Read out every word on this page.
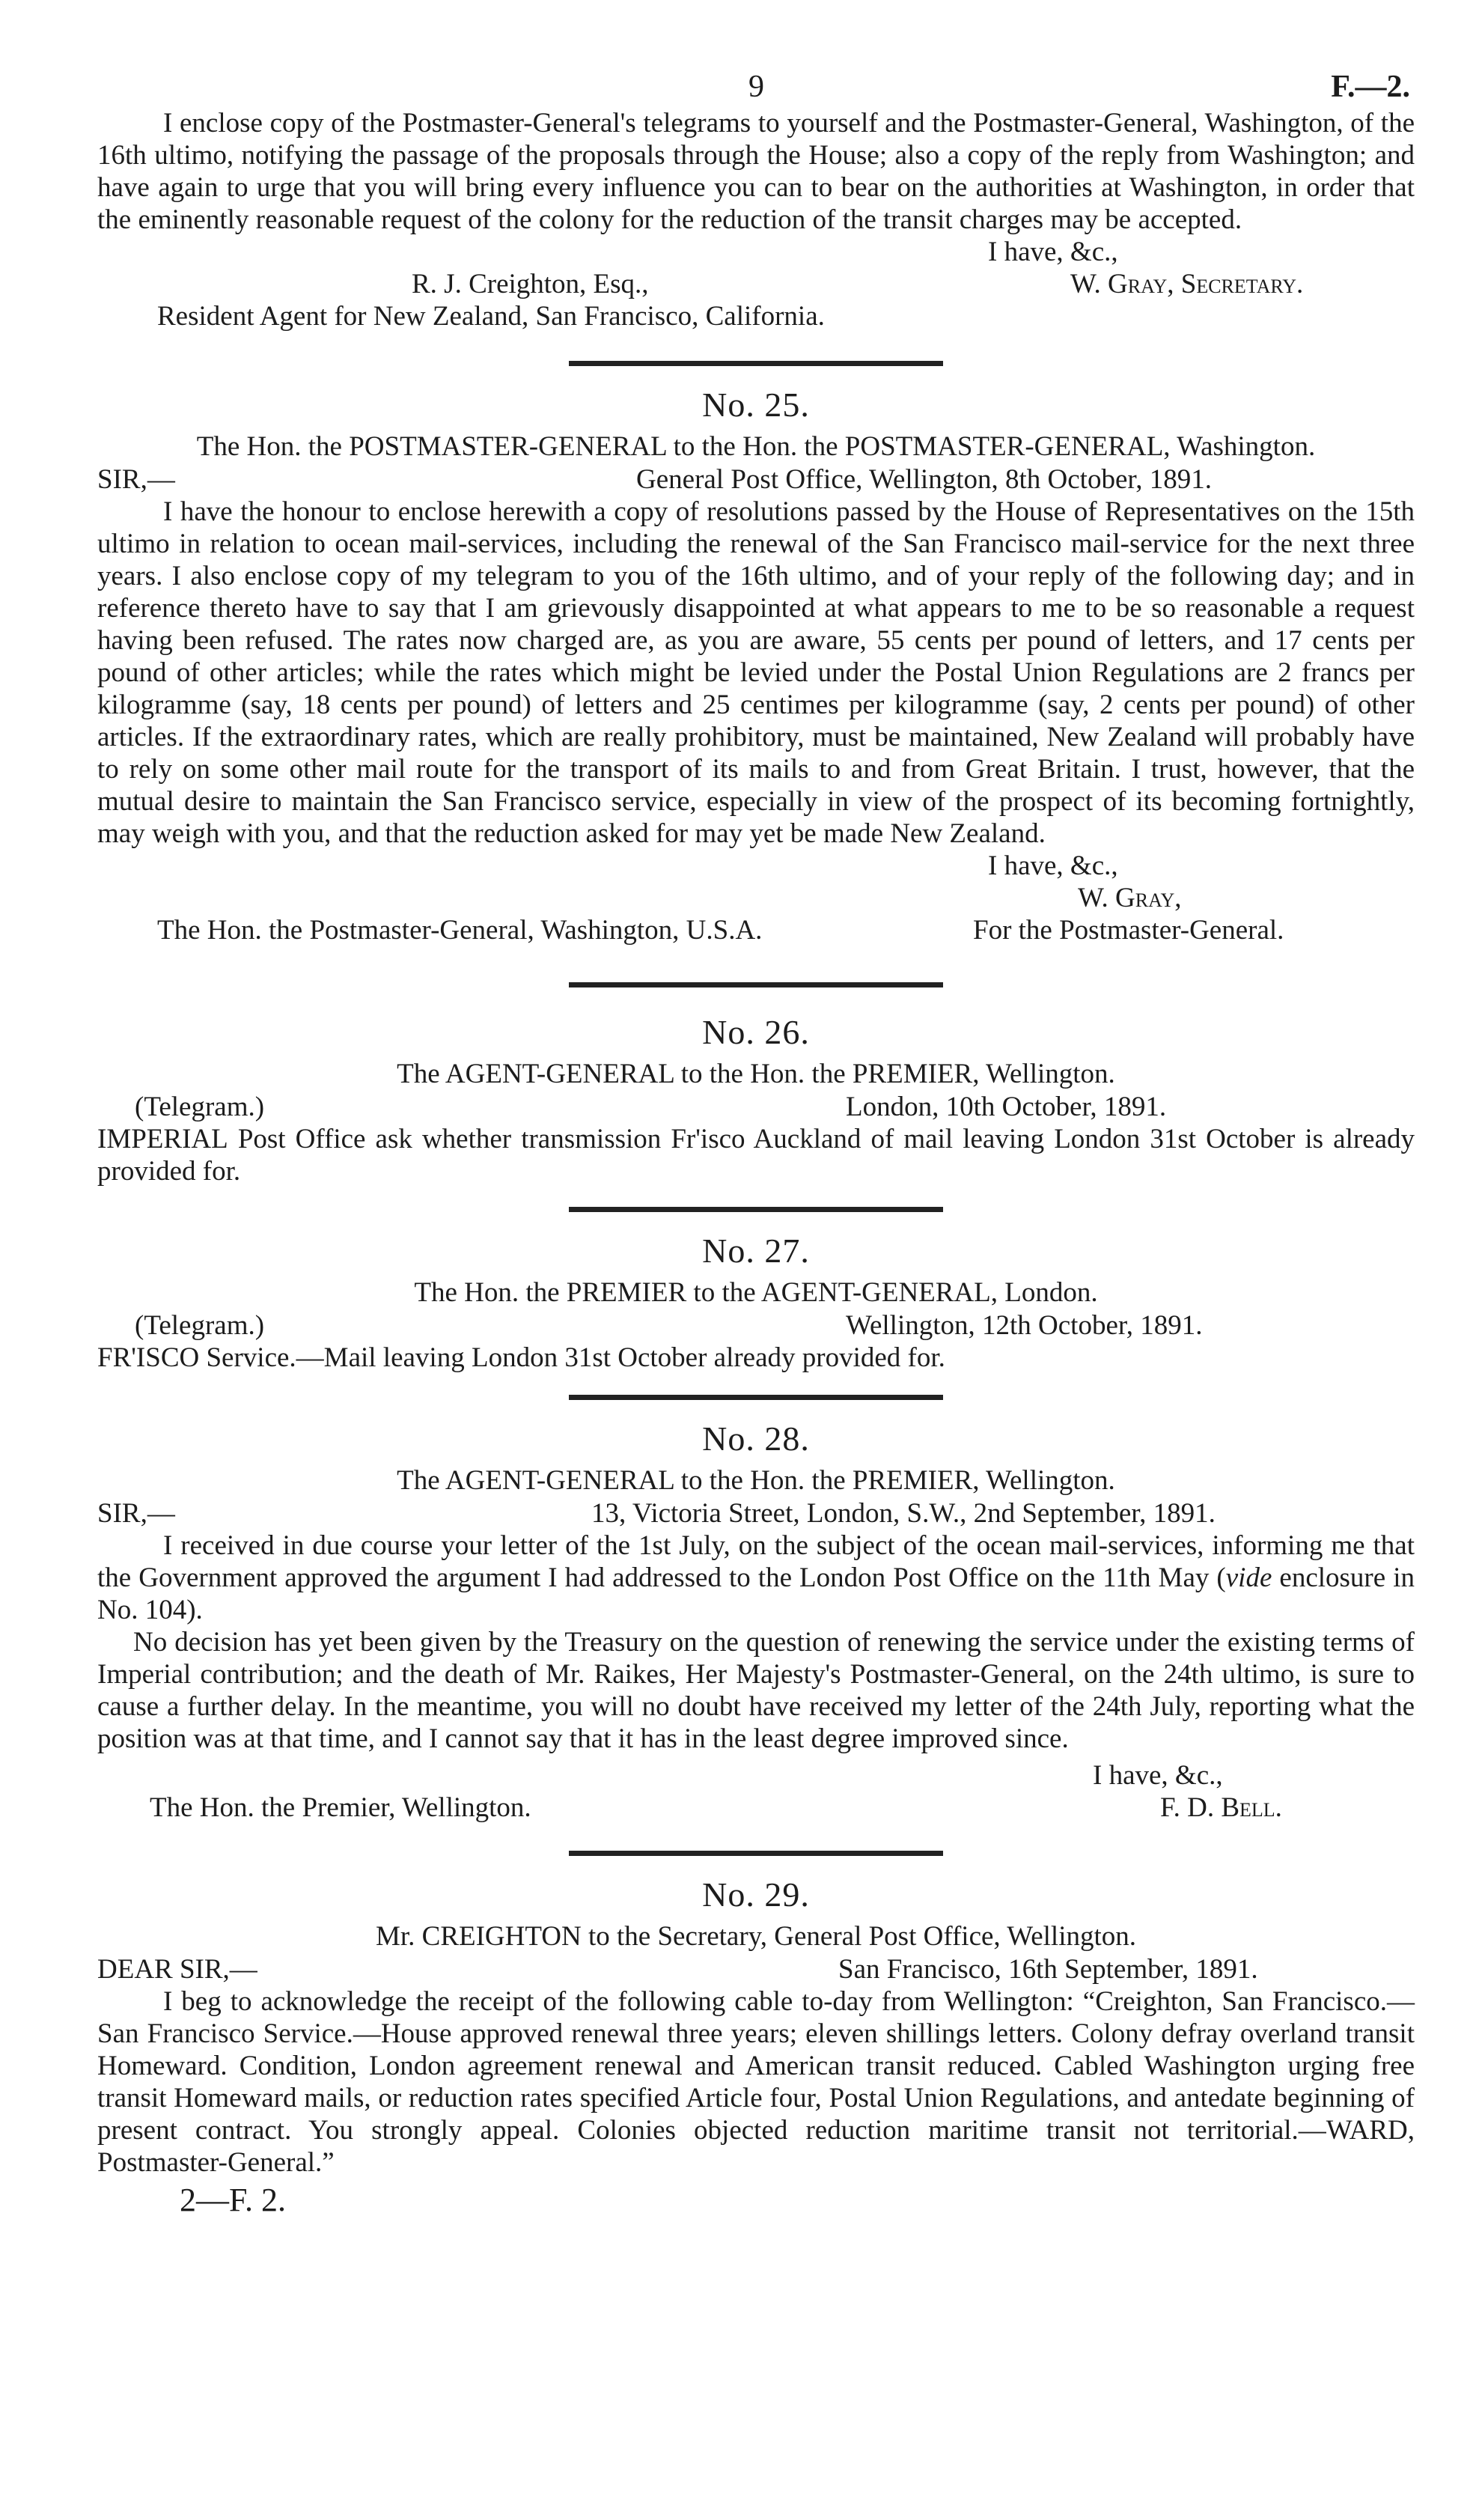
9	F.—2.

I enclose copy of the Postmaster-General's telegrams to yourself and the Postmaster-General, Washington, of the 16th ultimo, notifying the passage of the proposals through the House; also a copy of the reply from Washington; and have again to urge that you will bring every influence you can to bear on the authorities at Washington, in order that the eminently reasonable request of the colony for the reduction of the transit charges may be accepted.

I have, &c.,
R. J. Creighton, Esq.,	W. Gray, Secretary.
Resident Agent for New Zealand, San Francisco, California.
No. 25.
The Hon. the POSTMASTER-GENERAL to the Hon. the POSTMASTER-GENERAL, Washington.
SIR,—	General Post Office, Wellington, 8th October, 1891.

I have the honour to enclose herewith a copy of resolutions passed by the House of Representatives on the 15th ultimo in relation to ocean mail-services, including the renewal of the San Francisco mail-service for the next three years. I also enclose copy of my telegram to you of the 16th ultimo, and of your reply of the following day; and in reference thereto have to say that I am grievously disappointed at what appears to me to be so reasonable a request having been refused. The rates now charged are, as you are aware, 55 cents per pound of letters, and 17 cents per pound of other articles; while the rates which might be levied under the Postal Union Regulations are 2 francs per kilogramme (say, 18 cents per pound) of letters and 25 centimes per kilogramme (say, 2 cents per pound) of other articles. If the extraordinary rates, which are really prohibitory, must be maintained, New Zealand will probably have to rely on some other mail route for the transport of its mails to and from Great Britain. I trust, however, that the mutual desire to maintain the San Francisco service, especially in view of the prospect of its becoming fortnightly, may weigh with you, and that the reduction asked for may yet be made New Zealand.

I have, &c.,
W. Gray,
The Hon. the Postmaster-General, Washington, U.S.A.	For the Postmaster-General.
No. 26.
The AGENT-GENERAL to the Hon. the PREMIER, Wellington.
(Telegram.)	London, 10th October, 1891.

IMPERIAL Post Office ask whether transmission Fr'isco Auckland of mail leaving London 31st October is already provided for.

No. 27.
The Hon. the PREMIER to the AGENT-GENERAL, London.
(Telegram.)	Wellington, 12th October, 1891.

FR'ISCO Service.—Mail leaving London 31st October already provided for.

No. 28.
The AGENT-GENERAL to the Hon. the PREMIER, Wellington.
SIR,—	13, Victoria Street, London, S.W., 2nd September, 1891.

I received in due course your letter of the 1st July, on the subject of the ocean mail-services, informing me that the Government approved the argument I had addressed to the London Post Office on the 11th May (vide enclosure in No. 104).

No decision has yet been given by the Treasury on the question of renewing the service under the existing terms of Imperial contribution; and the death of Mr. Raikes, Her Majesty's Postmaster-General, on the 24th ultimo, is sure to cause a further delay. In the meantime, you will no doubt have received my letter of the 24th July, reporting what the position was at that time, and I cannot say that it has in the least degree improved since.

I have, &c.,
The Hon. the Premier, Wellington.	F. D. Bell.
No. 29.
Mr. CREIGHTON to the Secretary, General Post Office, Wellington.
DEAR SIR,—	San Francisco, 16th September, 1891.

I beg to acknowledge the receipt of the following cable to-day from Wellington: “Creighton, San Francisco.—San Francisco Service.—House approved renewal three years; eleven shillings letters. Colony defray overland transit Homeward. Condition, London agreement renewal and American transit reduced. Cabled Washington urging free transit Homeward mails, or reduction rates specified Article four, Postal Union Regulations, and antedate beginning of present contract. You strongly appeal. Colonies objected reduction maritime transit not territorial.—WARD, Postmaster-General.”

2—F. 2.
